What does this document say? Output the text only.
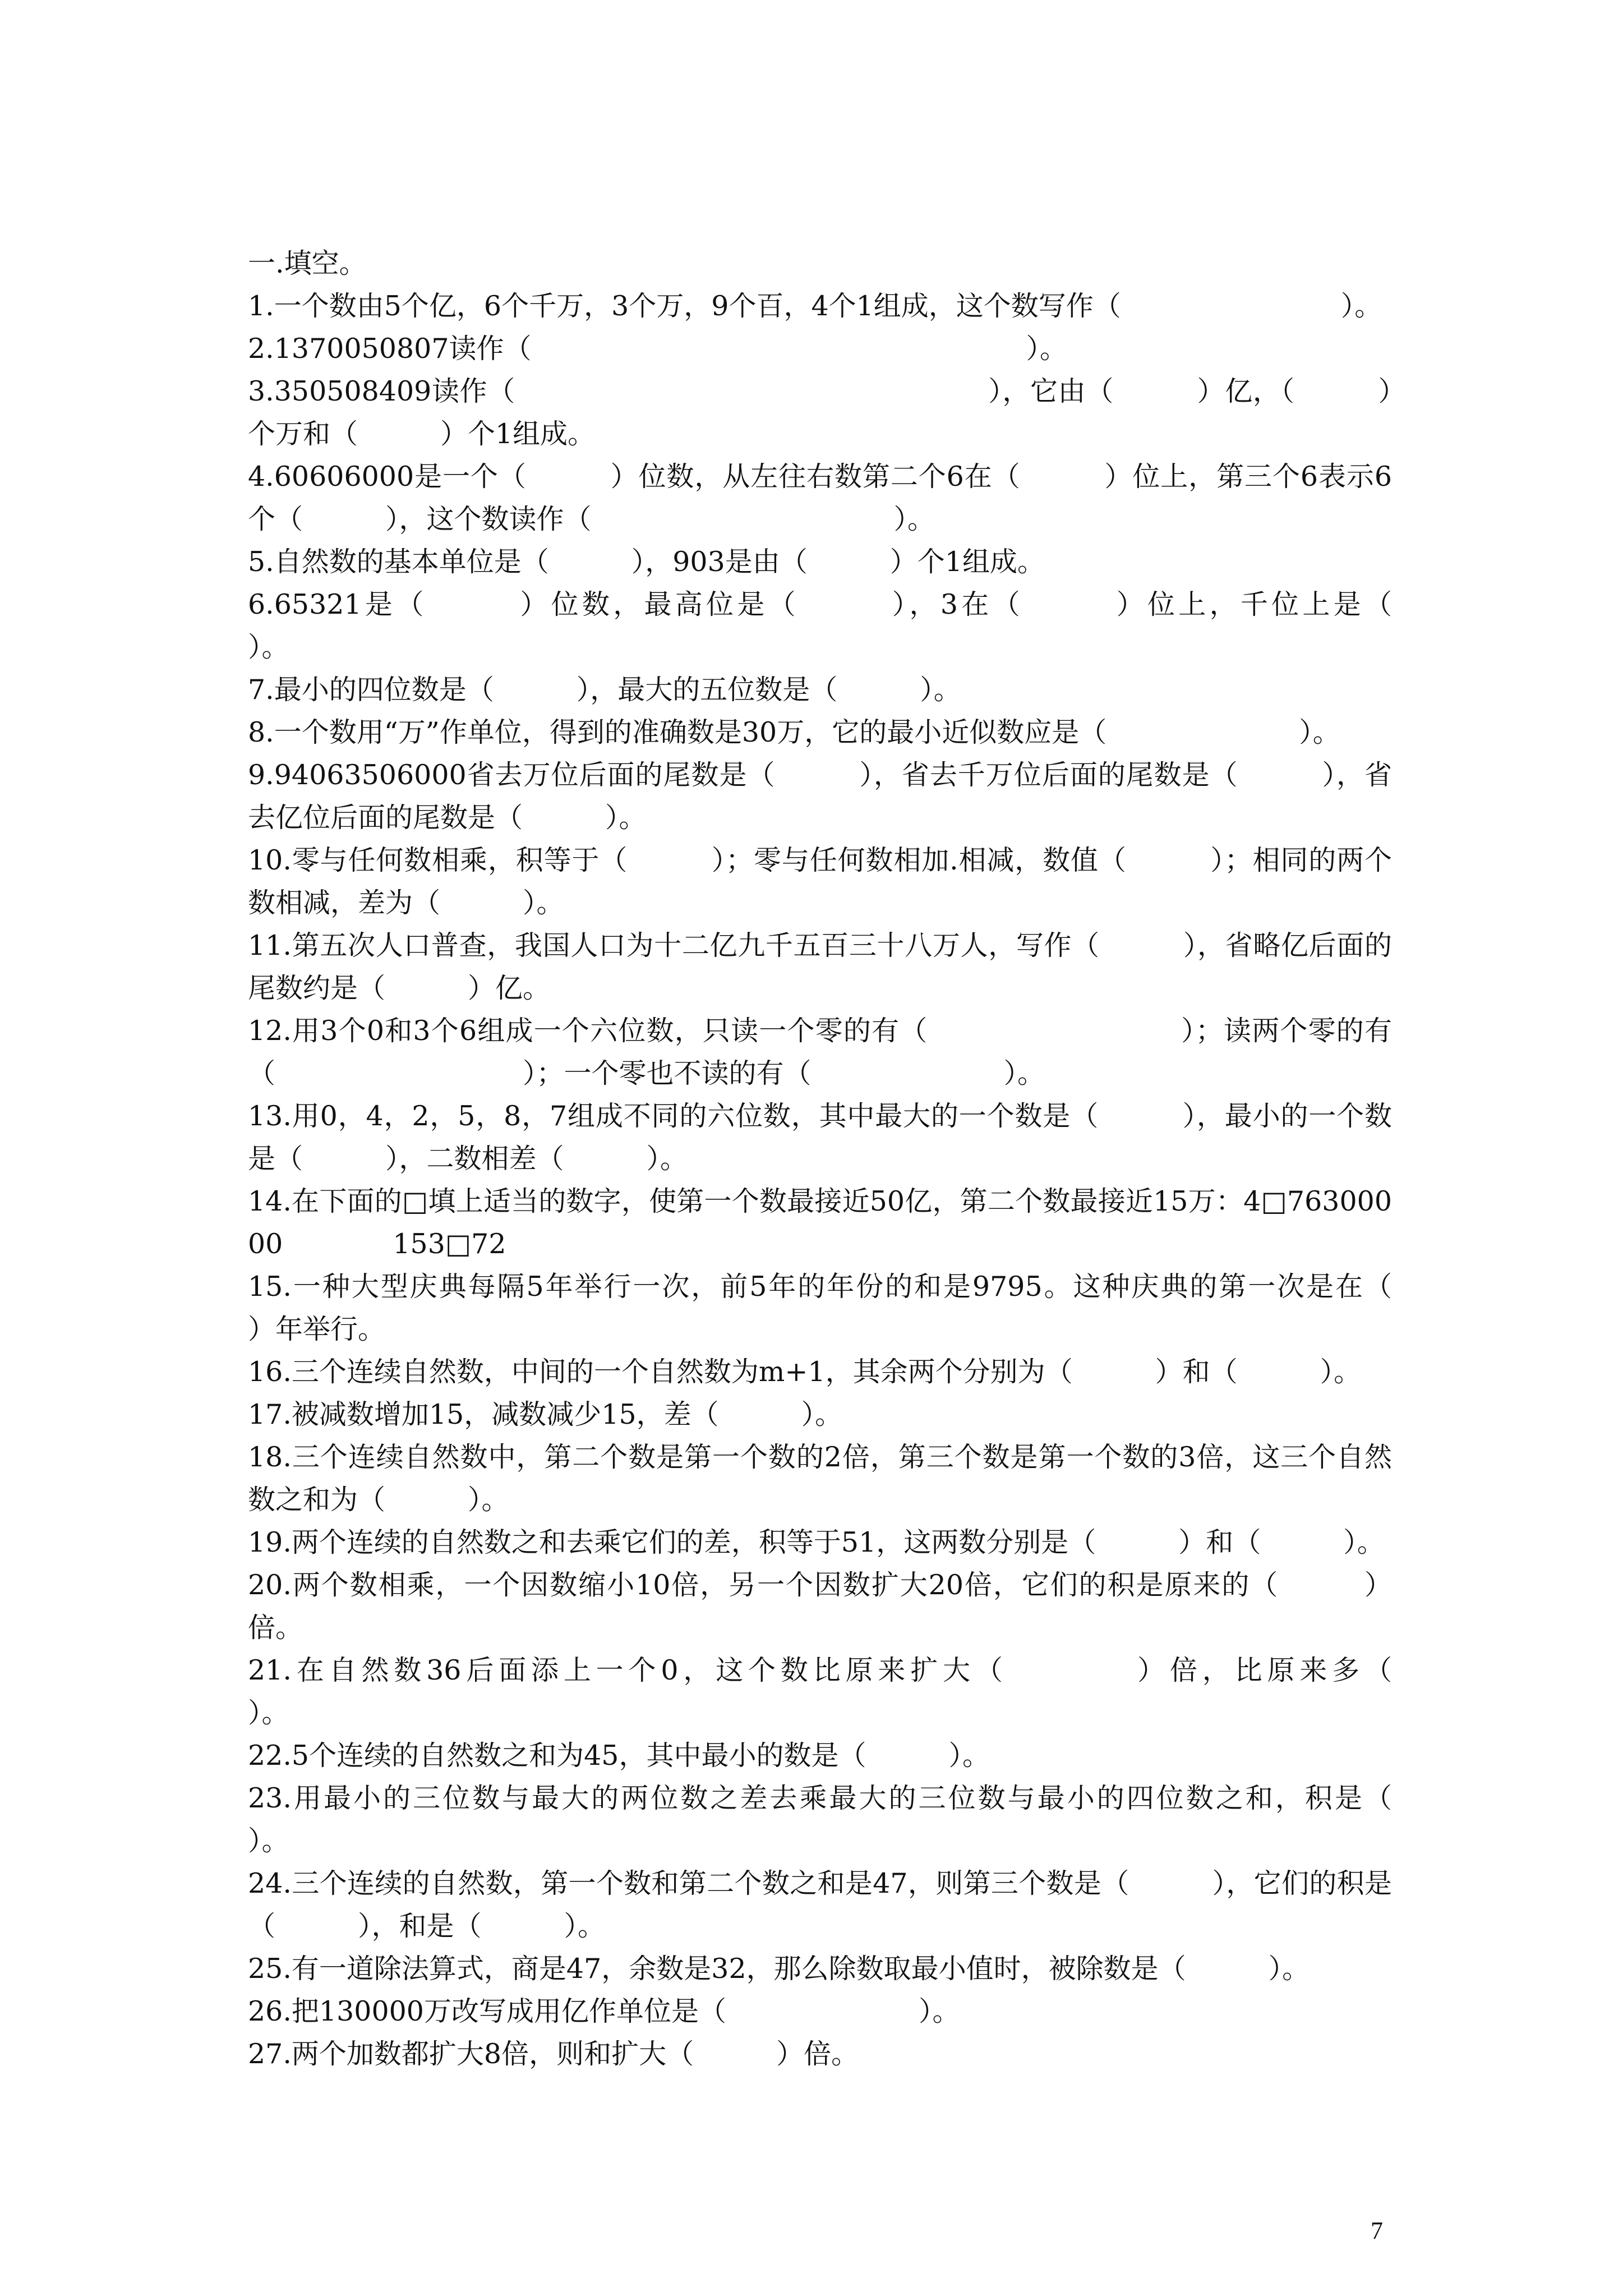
一.填空。
1.一个数由5个亿，6个千万，3个万，9个百，4个1组成，这个数写作（　　　　　　　　）。
2.1370050807读作（　　　　　　　　　　　　　　　　　　）。
3.350508409读作（　　　　　　　　　　　　　　　　　），它由（　　　）亿，（　　　）个万和（　　　）个1组成。
4.60606000是一个（　　　）位数，从左往右数第二个6在（　　　）位上，第三个6表示6个（　　　），这个数读作（　　　　　　　　　　　）。
5.自然数的基本单位是（　　　），903是由（　　　）个1组成。
6.65321是（　　　）位数，最高位是（　　　），3在（　　　）位上，千位上是（　　　）。
7.最小的四位数是（　　　），最大的五位数是（　　　）。
8.一个数用“万”作单位，得到的准确数是30万，它的最小近似数应是（　　　　　　　）。
9.94063506000省去万位后面的尾数是（　　　），省去千万位后面的尾数是（　　　），省去亿位后面的尾数是（　　　）。
10.零与任何数相乘，积等于（　　　）；零与任何数相加.相减，数值（　　　）；相同的两个数相减，差为（　　　）。
11.第五次人口普查，我国人口为十二亿九千五百三十八万人，写作（　　　），省略亿后面的尾数约是（　　　）亿。
12.用3个0和3个6组成一个六位数，只读一个零的有（　　　　　　　　　）；读两个零的有（　　　　　　　　　）；一个零也不读的有（　　　　　　　）。
13.用0，4，2，5，8，7组成不同的六位数，其中最大的一个数是（　　　），最小的一个数是（　　　），二数相差（　　　）。
14.在下面的□填上适当的数字，使第一个数最接近50亿，第二个数最接近15万：4□76300000　　　　153□72
15.一种大型庆典每隔5年举行一次，前5年的年份的和是9795。这种庆典的第一次是在（　　　）年举行。
16.三个连续自然数，中间的一个自然数为m+1，其余两个分别为（　　　）和（　　　）。
17.被减数增加15，减数减少15，差（　　　）。
18.三个连续自然数中，第二个数是第一个数的2倍，第三个数是第一个数的3倍，这三个自然数之和为（　　　）。
19.两个连续的自然数之和去乘它们的差，积等于51，这两数分别是（　　　）和（　　　）。
20.两个数相乘，一个因数缩小10倍，另一个因数扩大20倍，它们的积是原来的（　　　）倍。
21.在自然数36后面添上一个0，这个数比原来扩大（　　　　）倍，比原来多（　　　　　　）。
22.5个连续的自然数之和为45，其中最小的数是（　　　）。
23.用最小的三位数与最大的两位数之差去乘最大的三位数与最小的四位数之和，积是（　　　）。
24.三个连续的自然数，第一个数和第二个数之和是47，则第三个数是（　　　），它们的积是（　　　），和是（　　　）。
25.有一道除法算式，商是47，余数是32，那么除数取最小值时，被除数是（　　　）。
26.把130000万改写成用亿作单位是（　　　　　　　）。
27.两个加数都扩大8倍，则和扩大（　　　）倍。
7
